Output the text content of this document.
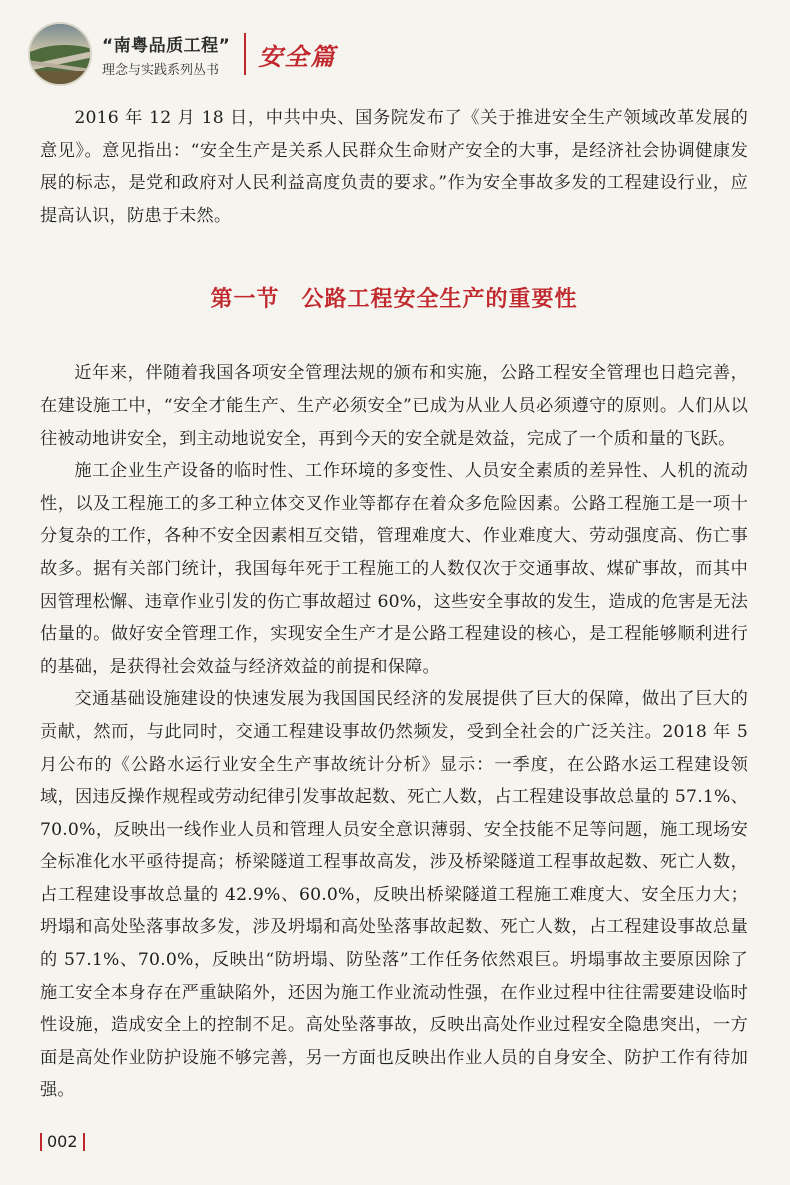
“南粤品质工程”
理念与实践系列丛书	安全篇

2016 年 12 月 18 日，中共中央、国务院发布了《关于推进安全生产领域改革发展的意见》。意见指出：“安全生产是关系人民群众生命财产安全的大事，是经济社会协调健康发展的标志，是党和政府对人民利益高度负责的要求。”作为安全事故多发的工程建设行业，应提高认识，防患于未然。

第一节 公路工程安全生产的重要性

近年来，伴随着我国各项安全管理法规的颁布和实施，公路工程安全管理也日趋完善，在建设施工中，“安全才能生产、生产必须安全”已成为从业人员必须遵守的原则。人们从以往被动地讲安全，到主动地说安全，再到今天的安全就是效益，完成了一个质和量的飞跃。

施工企业生产设备的临时性、工作环境的多变性、人员安全素质的差异性、人机的流动性，以及工程施工的多工种立体交叉作业等都存在着众多危险因素。公路工程施工是一项十分复杂的工作，各种不安全因素相互交错，管理难度大、作业难度大、劳动强度高、伤亡事故多。据有关部门统计，我国每年死于工程施工的人数仅次于交通事故、煤矿事故，而其中因管理松懈、违章作业引发的伤亡事故超过 60%，这些安全事故的发生，造成的危害是无法估量的。做好安全管理工作，实现安全生产才是公路工程建设的核心，是工程能够顺利进行的基础，是获得社会效益与经济效益的前提和保障。

交通基础设施建设的快速发展为我国国民经济的发展提供了巨大的保障，做出了巨大的贡献，然而，与此同时，交通工程建设事故仍然频发，受到全社会的广泛关注。2018 年 5 月公布的《公路水运行业安全生产事故统计分析》显示：一季度，在公路水运工程建设领域，因违反操作规程或劳动纪律引发事故起数、死亡人数，占工程建设事故总量的 57.1%、70.0%，反映出一线作业人员和管理人员安全意识薄弱、安全技能不足等问题，施工现场安全标准化水平亟待提高；桥梁隧道工程事故高发，涉及桥梁隧道工程事故起数、死亡人数，占工程建设事故总量的 42.9%、60.0%，反映出桥梁隧道工程施工难度大、安全压力大；坍塌和高处坠落事故多发，涉及坍塌和高处坠落事故起数、死亡人数，占工程建设事故总量的 57.1%、70.0%，反映出“防坍塌、防坠落”工作任务依然艰巨。坍塌事故主要原因除了施工安全本身存在严重缺陷外，还因为施工作业流动性强，在作业过程中往往需要建设临时性设施，造成安全上的控制不足。高处坠落事故，反映出高处作业过程安全隐患突出，一方面是高处作业防护设施不够完善，另一方面也反映出作业人员的自身安全、防护工作有待加强。

002
